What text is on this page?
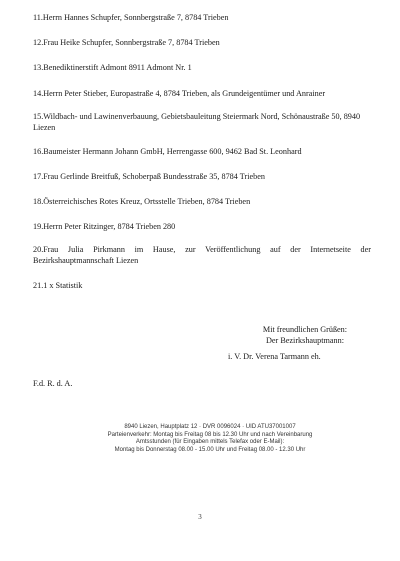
11.Herrn Hannes Schupfer, Sonnbergstraße 7, 8784 Trieben
12.Frau Heike Schupfer, Sonnbergstraße 7, 8784 Trieben
13.Benediktinerstift Admont 8911 Admont Nr. 1
14.Herrn Peter Stieber, Europastraße 4, 8784 Trieben, als Grundeigentümer und Anrainer
15.Wildbach- und Lawinenverbauung, Gebietsbauleitung Steiermark Nord, Schönaustraße 50, 8940 Liezen
16.Baumeister Hermann Johann GmbH, Herrengasse 600, 9462 Bad St. Leonhard
17.Frau Gerlinde Breitfuß, Schoberpaß Bundesstraße 35, 8784 Trieben
18.Österreichisches Rotes Kreuz, Ortsstelle Trieben, 8784 Trieben
19.Herrn Peter Ritzinger, 8784 Trieben 280
20.Frau Julia Pirkmann im Hause, zur Veröffentlichung auf der Internetseite der Bezirkshauptmannschaft Liezen
21.1 x Statistik
Mit freundlichen Grüßen:
Der Bezirkshauptmann:
i. V. Dr. Verena Tarmann eh.
F.d. R. d. A.
8940 Liezen, Hauptplatz 12 · DVR 0096024 · UID ATU37001007
Parteienverkehr: Montag bis Freitag 08 bis 12.30 Uhr und nach Vereinbarung
Amtsstunden (für Eingaben mittels Telefax oder E-Mail):
Montag bis Donnerstag 08.00 - 15.00 Uhr und Freitag 08.00 - 12.30 Uhr
3
